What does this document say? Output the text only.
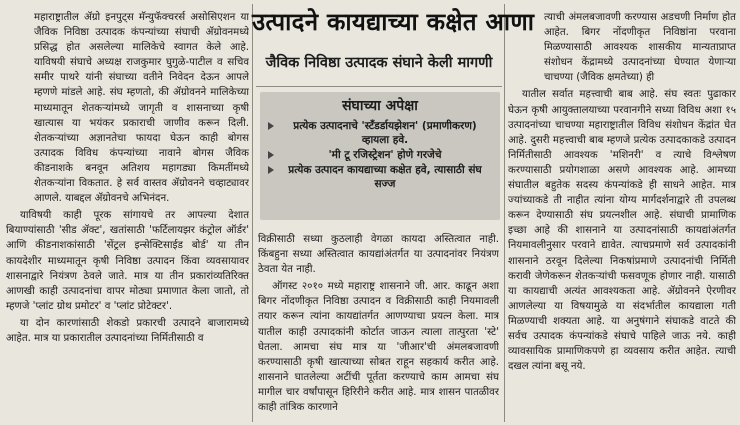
महाराष्ट्रातील ॲग्रो इनपुट्स मॅन्युफॅक्चरर्स असोसिएशन या जैविक निविष्ठा उत्पादक कंपन्यांच्या संघाची ॲग्रोवनमध्ये प्रसिद्ध होत असलेल्या मालिकेचे स्वागत केले आहे. याविषयी संघाचे अध्यक्ष राजकुमार घुगुळे-पाटील व सचिव समीर पाथरे यांनी संघाच्या वतीने निवेदन देऊन आपले म्हणणे मांडले आहे. संघ म्हणतो, की ॲग्रोवनने मालिकेच्या माध्यमातून शेतकऱ्यांमध्ये जागृती व शासनाच्या कृषी खात्यास या भयंकर प्रकाराची जाणीव करून दिली. शेतकऱ्यांच्या अज्ञानतेचा फायदा घेऊन काही बोगस उत्पादक विविध कंपन्यांच्या नावाने बोगस जैविक कीडनाशके बनवून अतिशय महागड्या किमतींमध्ये शेतकऱ्यांना विकतात. हे सर्व वास्तव ॲग्रोवनने चव्हाट्यावर आणले. याबद्दल ॲग्रोवनचे अभिनंदन.

याविषयी काही पूरक सांगायचे तर आपल्या देशात बियाण्यांसाठी 'सीड ॲक्ट', खतांसाठी 'फर्टिलायझर कंट्रोल ऑर्डर' आणि कीडनाशकांसाठी 'सेंट्रल इन्सेक्टिसाईड बोर्ड' या तीन कायदेशीर माध्यमातून कृषी निविष्ठा उत्पादन किंवा व्यवसायावर शासनाद्वारे नियंत्रण ठेवले जाते. मात्र या तीन प्रकारांव्यतिरिक्त आणखी काही उत्पादनांचा वापर मोठ्या प्रमाणात केला जातो, तो म्हणजे 'प्लांट ग्रोथ प्रमोटर' व 'प्लांट प्रोटेक्टर'.

या दोन कारणांसाठी शेकडो प्रकारची उत्पादने बाजारामध्ये आहेत. मात्र या प्रकारातील उत्पादनांच्या निर्मितीसाठी व

उत्पादने कायद्याच्या कक्षेत आणा
जैविक निविष्ठा उत्पादक संघाने केली मागणी
संघाच्या अपेक्षा
प्रत्येक उत्पादनाचे 'स्टॅंडर्डायझेशन' (प्रमाणीकरण) व्हायला हवे.
'मी टू रजिस्ट्रेशन' होणे गरजेचे
प्रत्येक उत्पादन कायद्याच्या कक्षेत हवे, त्यासाठी संघ सज्ज

विक्रीसाठी सध्या कुठलाही वेगळा कायदा अस्तित्वात नाही. किंबहुना सध्या अस्तित्वात कायद्यांअंतर्गत या उत्पादनांवर नियंत्रण ठेवता येत नाही.

ऑगस्ट २०१० मध्ये महाराष्ट्र शासनाने जी. आर. काढून अशा बिगर नोंदणीकृत निविष्ठा उत्पादन व विक्रीसाठी काही नियमावली तयार करून त्यांना कायद्यांतर्गत आणण्याचा प्रयत्न केला. मात्र यातील काही उत्पादकांनी कोर्टात जाऊन त्याला तात्पुरता 'स्टे' घेतला. आमचा संघ मात्र या 'जीआर'ची अंमलबजावणी करण्यासाठी कृषी खात्याच्या सोबत राहून सहकार्य करीत आहे. शासनाने घातलेल्या अटींची पूर्तता करण्याचे काम आमचा संघ मागील चार वर्षांपासून हिरिरीने करीत आहे. मात्र शासन पातळीवर काही तांत्रिक कारणाने

त्याची अंमलबजावणी करण्यास अडचणी निर्माण होत आहेत. बिगर नोंदणीकृत निविष्ठांना परवाना मिळण्यासाठी आवश्यक शासकीय मान्यताप्राप्त संशोधन केंद्रामध्ये उत्पादनांच्या घेण्यात येणाऱ्या चाचण्या (जैविक क्षमतेच्या) ही

यातील सर्वात महत्त्वाची बाब आहे. संघ स्वतः पुढाकार घेऊन कृषी आयुक्तालयाच्या परवानगीने सध्या विविध अशा १५ उत्पादनांच्या चाचण्या महाराष्ट्रातील विविध संशोधन केंद्रांत घेत आहे. दुसरी महत्त्वाची बाब म्हणजे प्रत्येक उत्पादकाकडे उत्पादन निर्मितीसाठी आवश्यक 'मशिनरी' व त्याचे विश्लेषण करण्यासाठी प्रयोगशाळा असणे आवश्यक आहे. आमच्या संघातील बहुतेक सदस्य कंपन्यांकडे ही साधने आहेत. मात्र ज्यांच्याकडे ती नाहीत त्यांना योग्य मार्गदर्शनाद्वारे ती उपलब्ध करून देण्यासाठी संघ प्रयत्नशील आहे. संघाची प्रामाणिक इच्छा आहे की शासनाने या उत्पादनांसाठी कायद्यांअंतर्गत नियमावलीनुसार परवाने द्यावेत. त्याचप्रमाणे सर्व उत्पादकांनी शासनाने ठरवून दिलेल्या निकषांप्रमाणे उत्पादनांची निर्मिती करावी जेणेकरून शेतकऱ्यांची फसवणूक होणार नाही. यासाठी या कायद्याची अत्यंत आवश्यकता आहे. ॲग्रोवनने ऐरणीवर आणलेल्या या विषयामुळे या संदर्भातील कायद्याला गती मिळण्याची शक्यता आहे. या अनुषंगाने संघाकडे वाटते की सर्वच उत्पादक कंपन्यांकडे संघाचे पाहिले जाऊ नये. काही व्यावसायिक प्रामाणिकपणे हा व्यवसाय करीत आहेत. त्याची दखल त्यांना बसू नये.
